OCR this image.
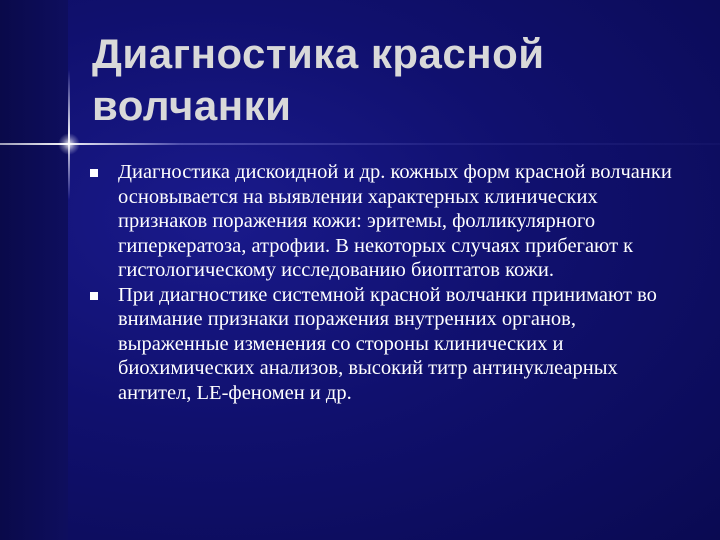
Диагностика красной волчанки
Диагностика дискоидной и др. кожных форм красной волчанки основывается на выявлении характерных клинических признаков поражения кожи: эритемы, фолликулярного гиперкератоза, атрофии. В некоторых случаях прибегают к гистологическому исследованию биоптатов кожи.
При диагностике системной красной волчанки принимают во внимание признаки поражения внутренних органов, выраженные изменения со стороны клинических и биохимических анализов, высокий титр антинуклеарных антител, LE-феномен и др.
